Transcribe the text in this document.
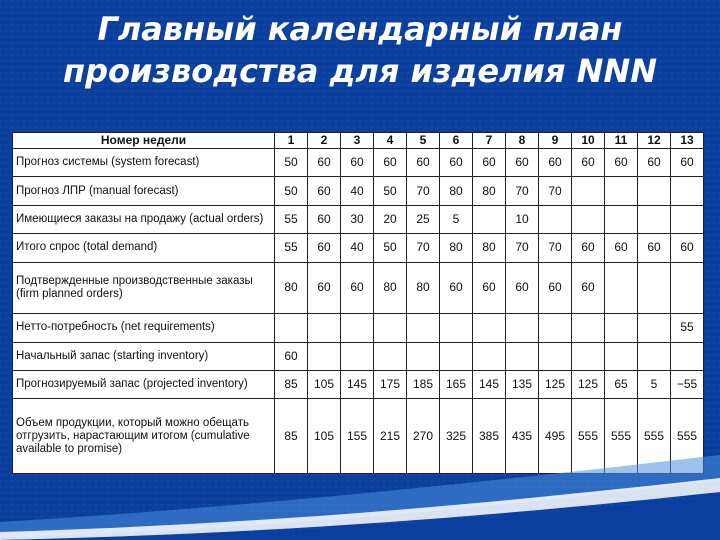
Главный календарный план
производства для изделия NNN
Номер недели	1	2	3	4	5	6	7	8	9	10	11	12	13
Прогноз системы (system forecast)	50	60	60	60	60	60	60	60	60	60	60	60	60
Прогноз ЛПР (manual forecast)	50	60	40	50	70	80	80	70	70				
Имеющиеся заказы на продажу (actual orders)	55	60	30	20	25	5		10					
Итого спрос (total demand)	55	60	40	50	70	80	80	70	70	60	60	60	60
Подтвержденные производственные заказы (firm planned orders)	80	60	60	80	80	60	60	60	60	60			
Нетто-потребность (net requirements)													55
Начальный запас (starting inventory)	60												
Прогнозируемый запас (projected inventory)	85	105	145	175	185	165	145	135	125	125	65	5	−55
Объем продукции, который можно обещать отгрузить, нарастающим итогом (cumulative available to promise)	85	105	155	215	270	325	385	435	495	555	555	555	555
